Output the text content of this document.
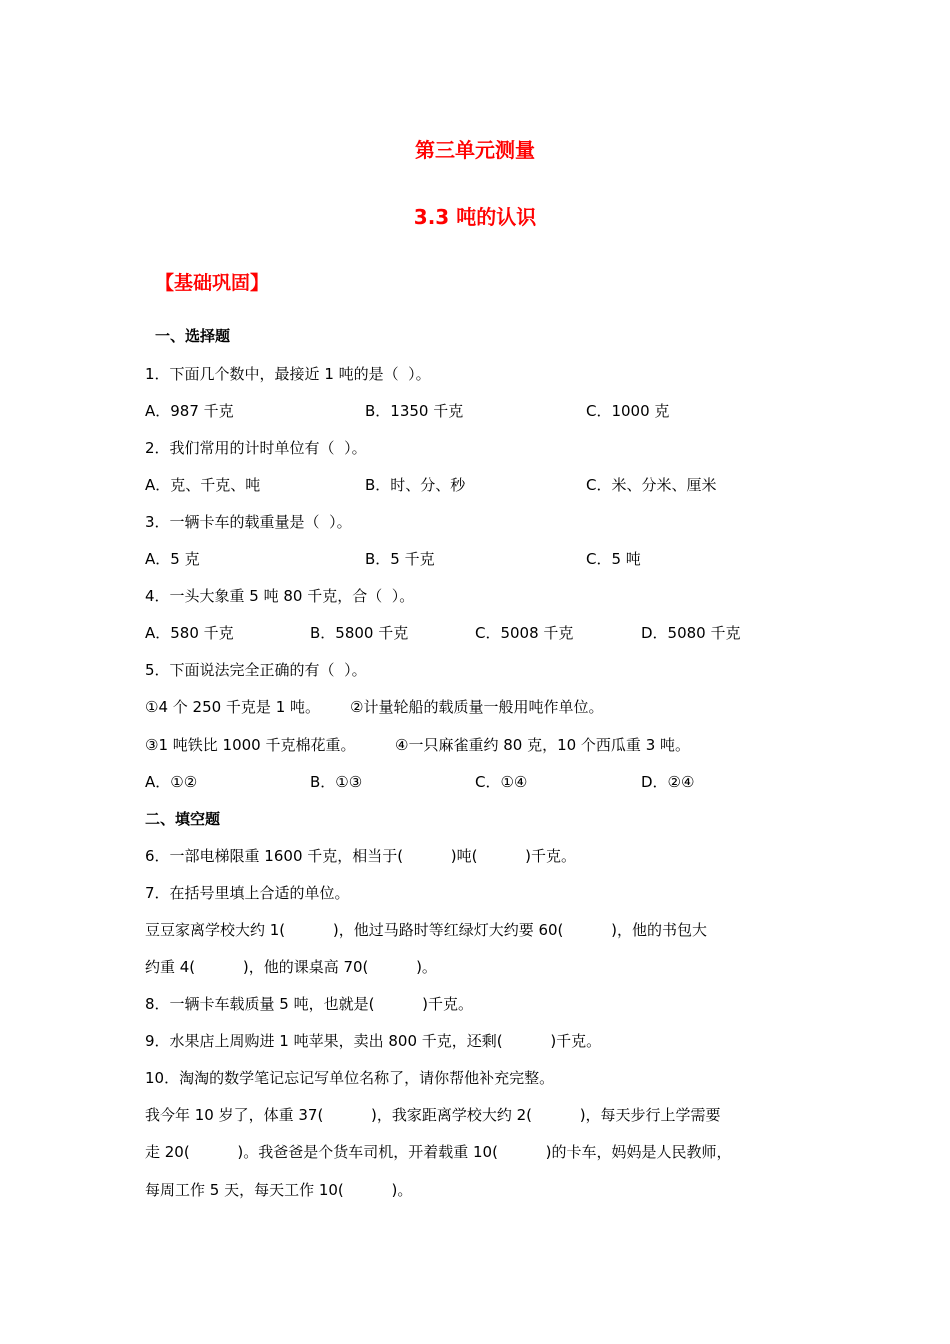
第三单元测量
3.3 吨的认识
【基础巩固】
一、选择题
1．下面几个数中，最接近 1 吨的是（  ）。
A．987 千克	B．1350 千克	C．1000 克
2．我们常用的计时单位有（  ）。
A．克、千克、吨	B．时、分、秒	C．米、分米、厘米
3．一辆卡车的载重量是（  ）。
A．5 克	B．5 千克	C．5 吨
4．一头大象重 5 吨 80 千克，合（  ）。
A．580 千克	B．5800 千克	C．5008 千克	D．5080 千克
5．下面说法完全正确的有（  ）。
①4 个 250 千克是 1 吨。 ②计量轮船的载质量一般用吨作单位。
③1 吨铁比 1000 千克棉花重。	④一只麻雀重约 80 克，10 个西瓜重 3 吨。
A．①②	B．①③	C．①④	D．②④
二、填空题
6．一部电梯限重 1600 千克，相当于(          )吨(          )千克。
7．在括号里填上合适的单位。
豆豆家离学校大约 1(          )，他过马路时等红绿灯大约要 60(          )，他的书包大
约重 4(          )，他的课桌高 70(          )。
8．一辆卡车载质量 5 吨，也就是(          )千克。
9．水果店上周购进 1 吨苹果，卖出 800 千克，还剩(          )千克。
10．淘淘的数学笔记忘记写单位名称了，请你帮他补充完整。
我今年 10 岁了，体重 37(          )，我家距离学校大约 2(          )，每天步行上学需要
走 20(          )。我爸爸是个货车司机，开着载重 10(          )的卡车，妈妈是人民教师，
每周工作 5 天，每天工作 10(          )。
